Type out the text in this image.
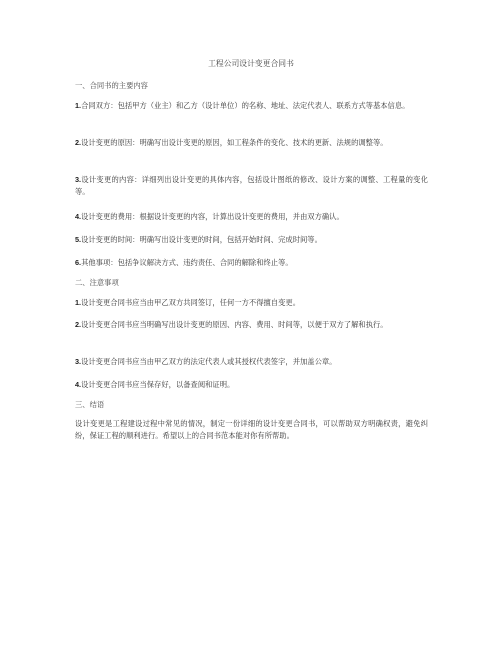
工程公司设计变更合同书
一、合同书的主要内容
1.合同双方：包括甲方（业主）和乙方（设计单位）的名称、地址、法定代表人、联系方式等基本信息。
2.设计变更的原因：明确写出设计变更的原因，如工程条件的变化、技术的更新、法规的调整等。
3.设计变更的内容：详细列出设计变更的具体内容，包括设计图纸的修改、设计方案的调整、工程量的变化等。
4.设计变更的费用：根据设计变更的内容，计算出设计变更的费用，并由双方确认。
5.设计变更的时间：明确写出设计变更的时间，包括开始时间、完成时间等。
6.其他事项：包括争议解决方式、违约责任、合同的解除和终止等。
二、注意事项
1.设计变更合同书应当由甲乙双方共同签订，任何一方不得擅自变更。
2.设计变更合同书应当明确写出设计变更的原因、内容、费用、时间等，以便于双方了解和执行。
3.设计变更合同书应当由甲乙双方的法定代表人或其授权代表签字，并加盖公章。
4.设计变更合同书应当保存好，以备查阅和证明。
三、结语
设计变更是工程建设过程中常见的情况，制定一份详细的设计变更合同书，可以帮助双方明确权责，避免纠纷，保证工程的顺利进行。希望以上的合同书范本能对你有所帮助。
